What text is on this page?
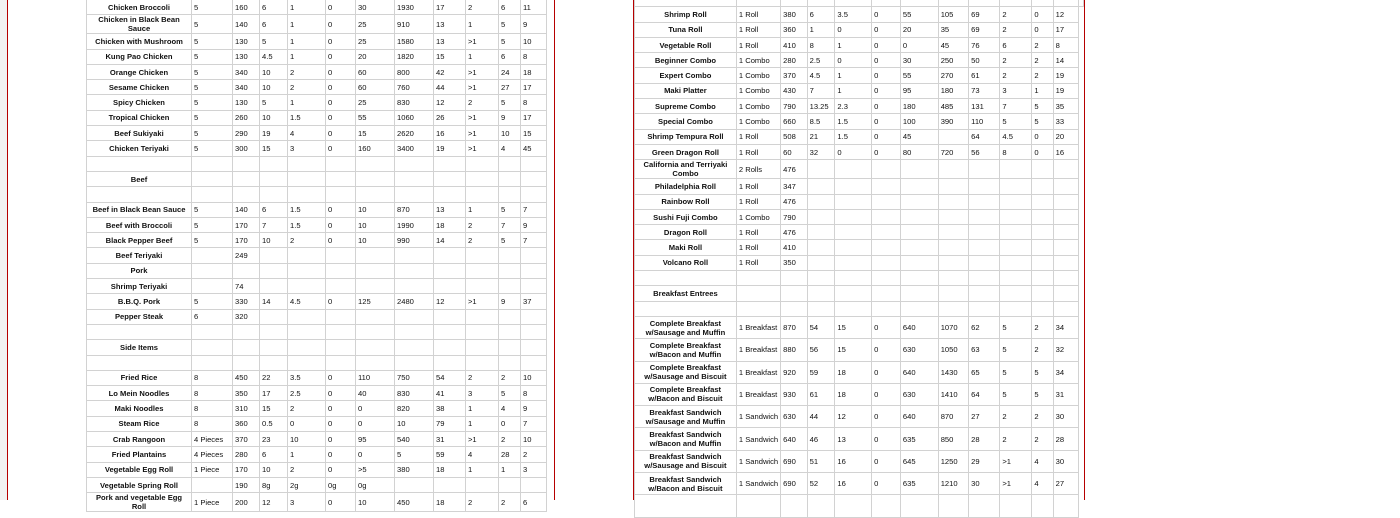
Chicken Broccoli	5	160	6	1	0	30	1930	17	2	6	11
Chicken in Black Bean Sauce	5	140	6	1	0	25	910	13	1	5	9
Chicken with Mushroom	5	130	5	1	0	25	1580	13	>1	5	10
Kung Pao Chicken	5	130	4.5	1	0	20	1820	15	1	6	8
Orange Chicken	5	340	10	2	0	60	800	42	>1	24	18
Sesame Chicken	5	340	10	2	0	60	760	44	>1	27	17
Spicy Chicken	5	130	5	1	0	25	830	12	2	5	8
Tropical Chicken	5	260	10	1.5	0	55	1060	26	>1	9	17
Beef Sukiyaki	5	290	19	4	0	15	2620	16	>1	10	15
Chicken Teriyaki	5	300	15	3	0	160	3400	19	>1	4	45

Beef											

Beef in Black Bean Sauce	5	140	6	1.5	0	10	870	13	1	5	7
Beef with Broccoli	5	170	7	1.5	0	10	1990	18	2	7	9
Black Pepper Beef	5	170	10	2	0	10	990	14	2	5	7
Beef Teriyaki		249									
Pork											
Shrimp Teriyaki		74									
B.B.Q. Pork	5	330	14	4.5	0	125	2480	12	>1	9	37
Pepper Steak	6	320									

Side Items											

Fried Rice	8	450	22	3.5	0	110	750	54	2	2	10
Lo Mein Noodles	8	350	17	2.5	0	40	830	41	3	5	8
Maki Noodles	8	310	15	2	0	0	820	38	1	4	9
Steam Rice	8	360	0.5	0	0	0	10	79	1	0	7
Crab Rangoon	4 Pieces	370	23	10	0	95	540	31	>1	2	10
Fried Plantains	4 Pieces	280	6	1	0	0	5	59	4	28	2
Vegetable Egg Roll	1 Piece	170	10	2	0	>5	380	18	1	1	3
Vegetable Spring Roll		190	8g	2g	0g	0g					
Pork and vegetable Egg Roll	1 Piece	200	12	3	0	10	450	18	2	2	6

Shrimp Roll	1 Roll	380	6	3.5	0	55	105	69	2	0	12	
Tuna Roll	1 Roll	360	1	0	0	20	35	69	2	0	17	
Vegetable Roll	1 Roll	410	8	1	0	0	45	76	6	2	8	
Beginner Combo	1 Combo	280	2.5	0	0	30	250	50	2	2	14	
Expert Combo	1 Combo	370	4.5	1	0	55	270	61	2	2	19	
Maki Platter	1 Combo	430	7	1	0	95	180	73	3	1	19	
Supreme Combo	1 Combo	790	13.25	2.3	0	180	485	131	7	5	35	
Special Combo	1 Combo	660	8.5	1.5	0	100	390	110	5	5	33	
Shrimp Tempura Roll	1 Roll	508	21	1.5	0	45		64	4.5	0	20	
Green Dragon Roll	1 Roll	60	32	0	0	80	720	56	8	0	16	
California and Terriyaki Combo	2 Rolls	476										
Philadelphia Roll	1 Roll	347										
Rainbow Roll	1 Roll	476										
Sushi Fuji Combo	1 Combo	790										
Dragon Roll	1 Roll	476										
Maki Roll	1 Roll	410										
Volcano Roll	1 Roll	350										

Breakfast Entrees												

Complete Breakfast w/Sausage and Muffin	1 Breakfast	870	54	15	0	640	1070	62	5	2	34	
Complete Breakfast w/Bacon and Muffin	1 Breakfast	880	56	15	0	630	1050	63	5	2	32	
Complete Breakfast w/Sausage and Biscuit	1 Breakfast	920	59	18	0	640	1430	65	5	5	34	
Complete Breakfast w/Bacon and Biscuit	1 Breakfast	930	61	18	0	630	1410	64	5	5	31	
Breakfast Sandwich w/Sausage and Muffin	1 Sandwich	630	44	12	0	640	870	27	2	2	30	
Breakfast Sandwich w/Bacon and Muffin	1 Sandwich	640	46	13	0	635	850	28	2	2	28	
Breakfast Sandwich w/Sausage and Biscuit	1 Sandwich	690	51	16	0	645	1250	29	>1	4	30	
Breakfast Sandwich w/Bacon and Biscuit	1 Sandwich	690	52	16	0	635	1210	30	>1	4	27	
